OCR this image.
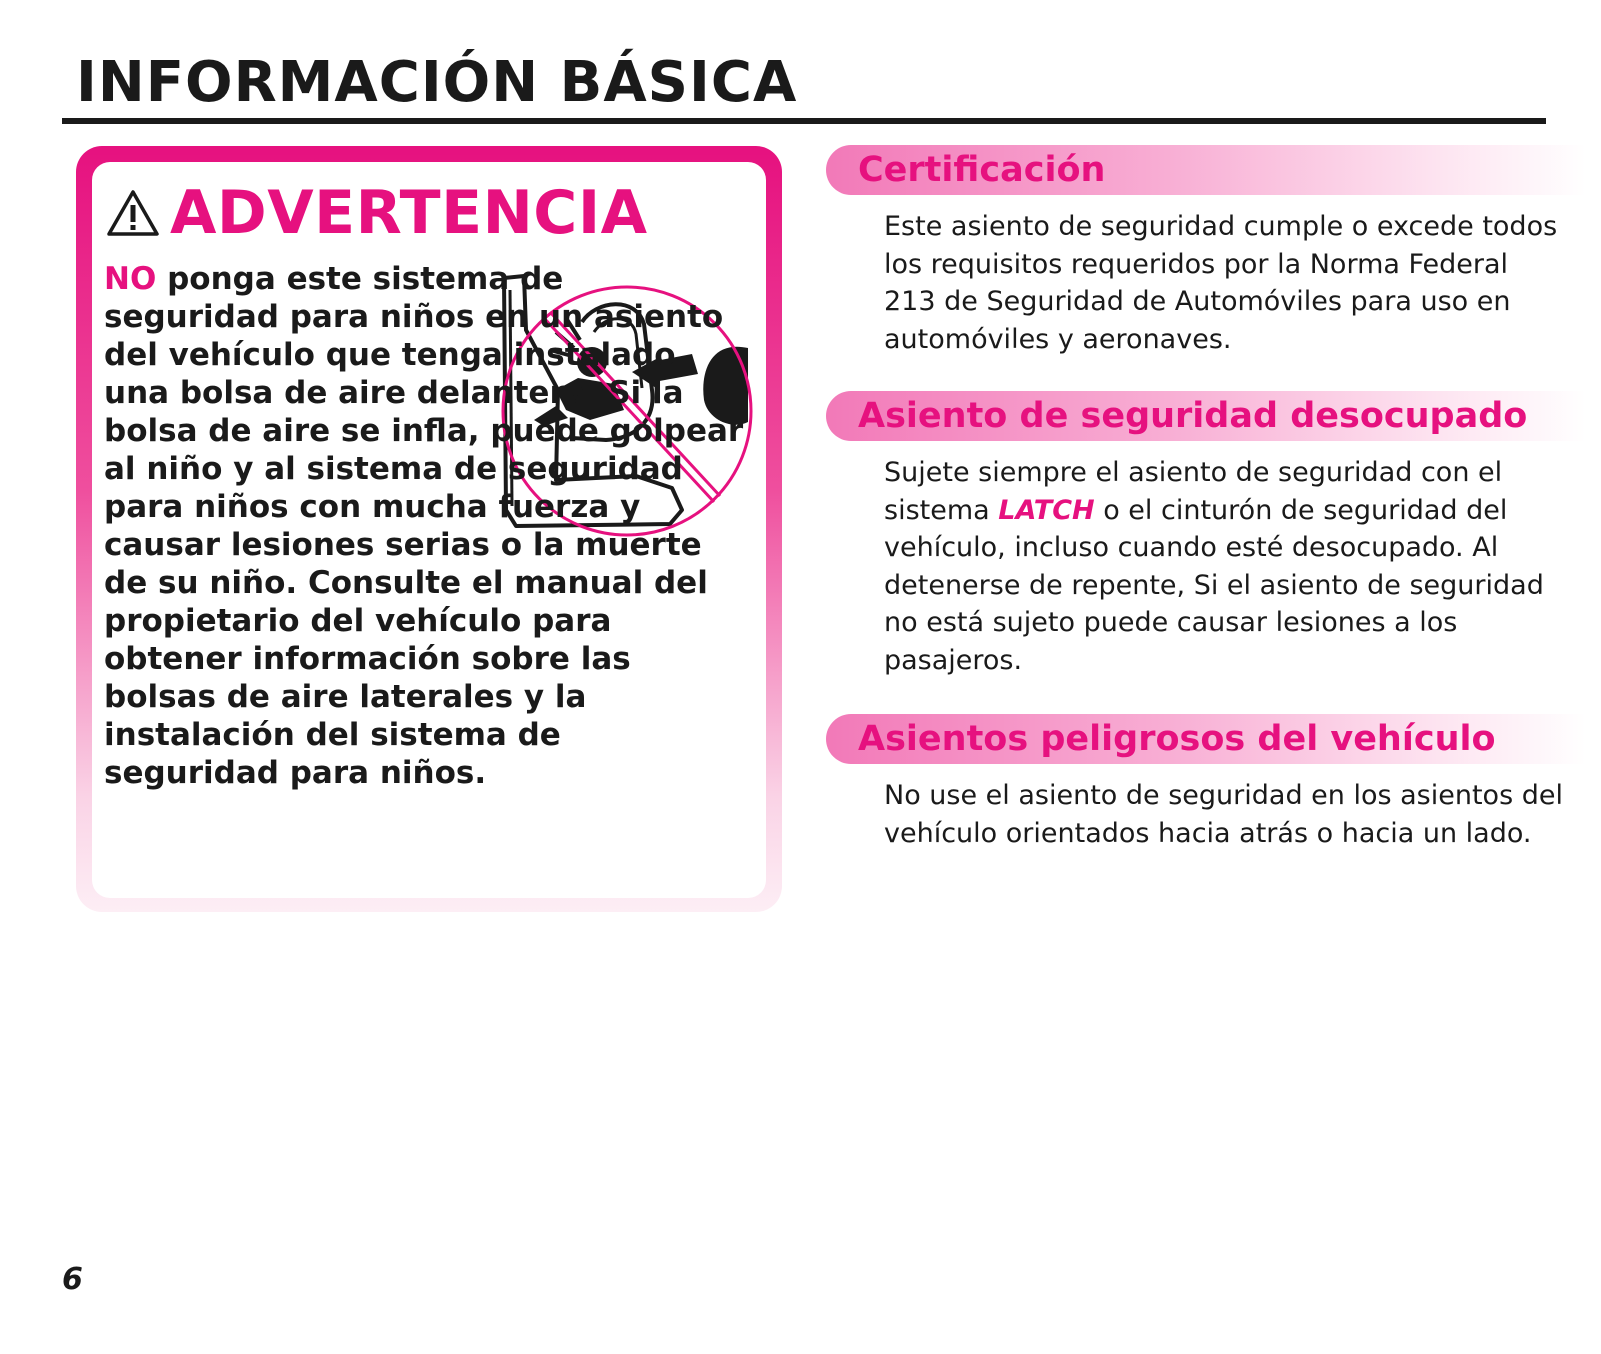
INFORMACIÓN BÁSICA
ADVERTENCIA
NO ponga este sistema de seguridad para niños en un asiento del vehículo que tenga instalado una bolsa de aire delantera. Si la bolsa de aire se infla, puede golpear al niño y al sistema de seguridad para niños con mucha fuerza y causar lesiones serias o la muerte de su niño. Consulte el manual del propietario del vehículo para obtener información sobre las bolsas de aire laterales y la instalación del sistema de seguridad para niños.
Certificación
Este asiento de seguridad cumple o excede todos los requisitos requeridos por la Norma Federal 213 de Seguridad de Automóviles para uso en automóviles y aeronaves.
Asiento de seguridad desocupado
Sujete siempre el asiento de seguridad con el sistema LATCH o el cinturón de seguridad del vehículo, incluso cuando esté desocupado. Al detenerse de repente, Si el asiento de seguridad no está sujeto puede causar lesiones a los pasajeros.
Asientos peligrosos del vehículo
No use el asiento de seguridad en los asientos del vehículo orientados hacia atrás o hacia un lado.
6
